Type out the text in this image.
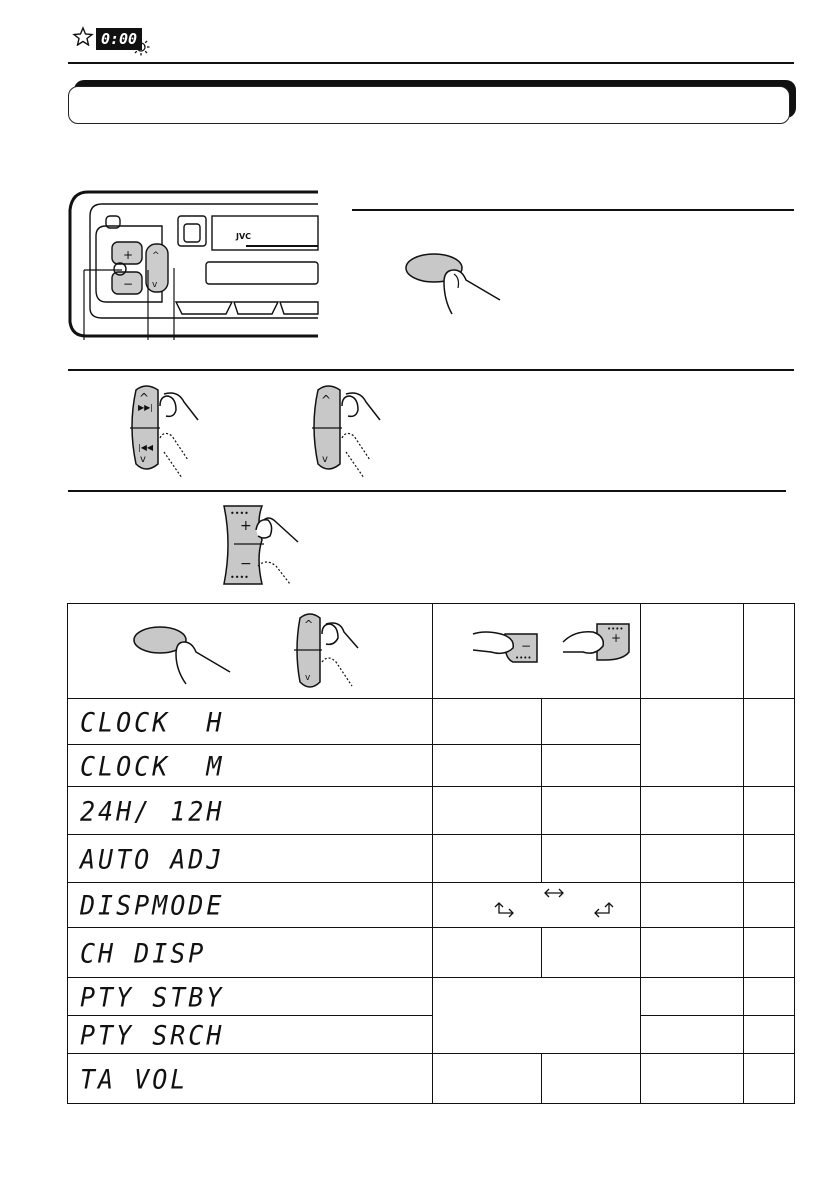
0:00
JVC
+
−
^
v
^
▶▶|
|◀◀
v
^
v
••••
+
−
••••
^
v	−
••••
+
••••			

CLOCK  H				
CLOCK  M				
24H/ 12H				
AUTO ADJ				
DISPMODE			
CH DISP				
PTY STBY				
PTY SRCH				
TA VOL				
